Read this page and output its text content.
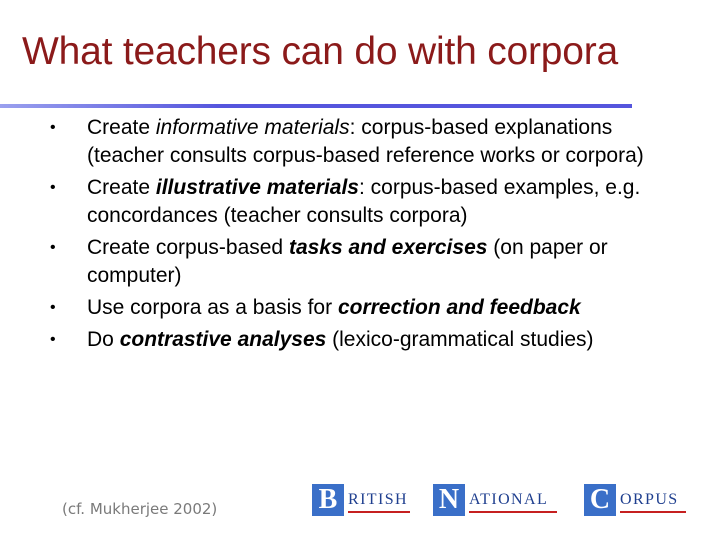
What teachers can do with corpora
• Create informative materials: corpus-based explanations (teacher consults corpus-based reference works or corpora)
• Create illustrative materials: corpus-based examples, e.g. concordances (teacher consults corpora)
• Create corpus-based tasks and exercises (on paper or computer)
• Use corpora as a basis for correction and feedback
• Do contrastive analyses (lexico-grammatical studies)

(cf. Mukherjee 2002)	B RITISH N ATIONAL C ORPUS
